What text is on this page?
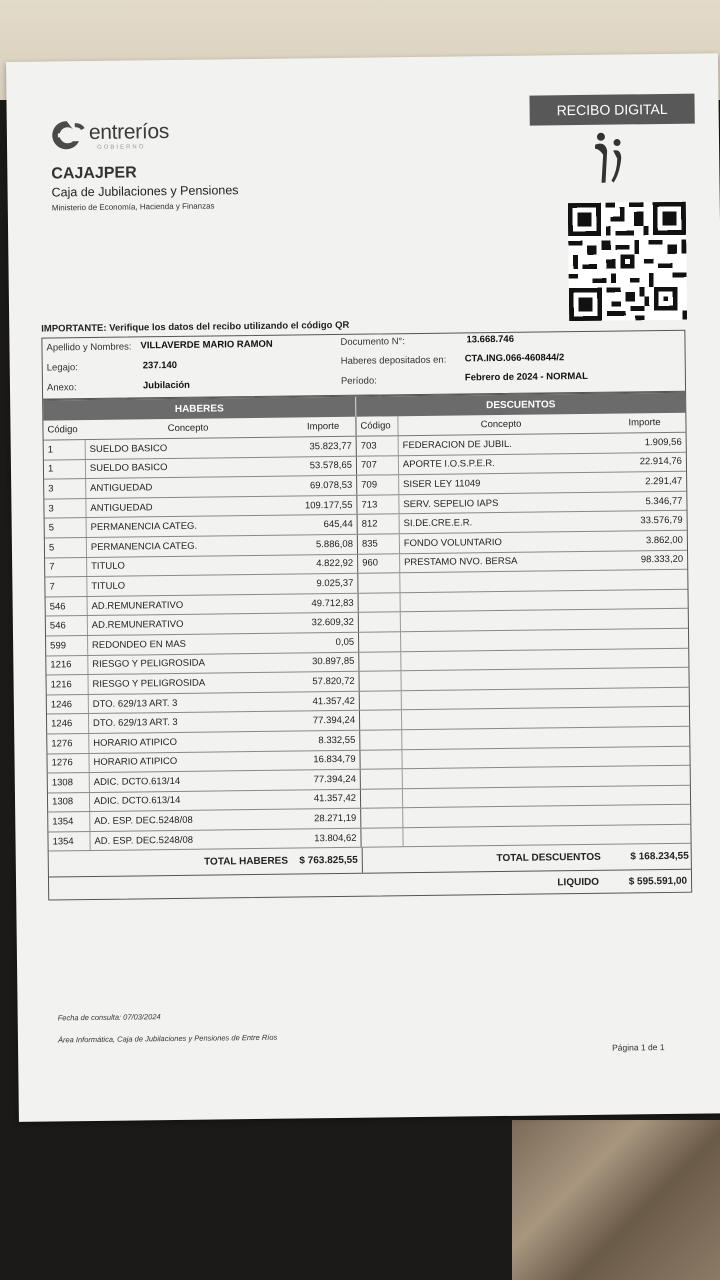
entreríos
GOBIERNO
CAJAJPER
Caja de Jubilaciones y Pensiones
Ministerio de Economía, Hacienda y Finanzas
RECIBO DIGITAL
IMPORTANTE: Verifique los datos del recibo utilizando el código QR
Apellido y Nombres: VILLAVERDE MARIO RAMON	Documento N°:	13.668.746
Legajo:	237.140	Haberes depositados en: CTA.ING.066-460844/2
Anexo:	Jubilación	Período:	Febrero de 2024 - NORMAL
HABERES	DESCUENTOS
Código	Concepto	Importe	Código	Concepto	Importe
1	SUELDO BASICO	35.823,77 703	FEDERACION DE JUBIL.	1.909,56
1	SUELDO BASICO	53.578,65 707	APORTE I.O.S.P.E.R.	22.914,76
3	ANTIGUEDAD	69.078,53 709	SISER LEY 11049	2.291,47
3	ANTIGUEDAD	109.177,55 713	SERV. SEPELIO IAPS	5.346,77
5	PERMANENCIA CATEG.	645,44 812	SI.DE.CRE.E.R.	33.576,79
5	PERMANENCIA CATEG.	5.886,08 835	FONDO VOLUNTARIO	3.862,00
7	TITULO	4.822,92 960	PRESTAMO NVO. BERSA	98.333,20
7	TITULO	9.025,37
546	AD.REMUNERATIVO	49.712,83
546	AD.REMUNERATIVO	32.609,32
599	REDONDEO EN MAS	0,05
1216	RIESGO Y PELIGROSIDA	30.897,85
1216	RIESGO Y PELIGROSIDA	57.820,72
1246	DTO. 629/13 ART. 3	41.357,42
1246	DTO. 629/13 ART. 3	77.394,24
1276	HORARIO ATIPICO	8.332,55
1276	HORARIO ATIPICO	16.834,79
1308	ADIC. DCTO.613/14	77.394,24
1308	ADIC. DCTO.613/14	41.357,42
1354	AD. ESP. DEC.5248/08	28.271,19
1354	AD. ESP. DEC.5248/08	13.804,62
TOTAL HABERES	$ 763.825,55	TOTAL DESCUENTOS	$ 168.234,55
LIQUIDO	$ 595.591,00
Fecha de consulta: 07/03/2024
Área Informática, Caja de Jubilaciones y Pensiones de Entre Ríos
Página 1 de 1
